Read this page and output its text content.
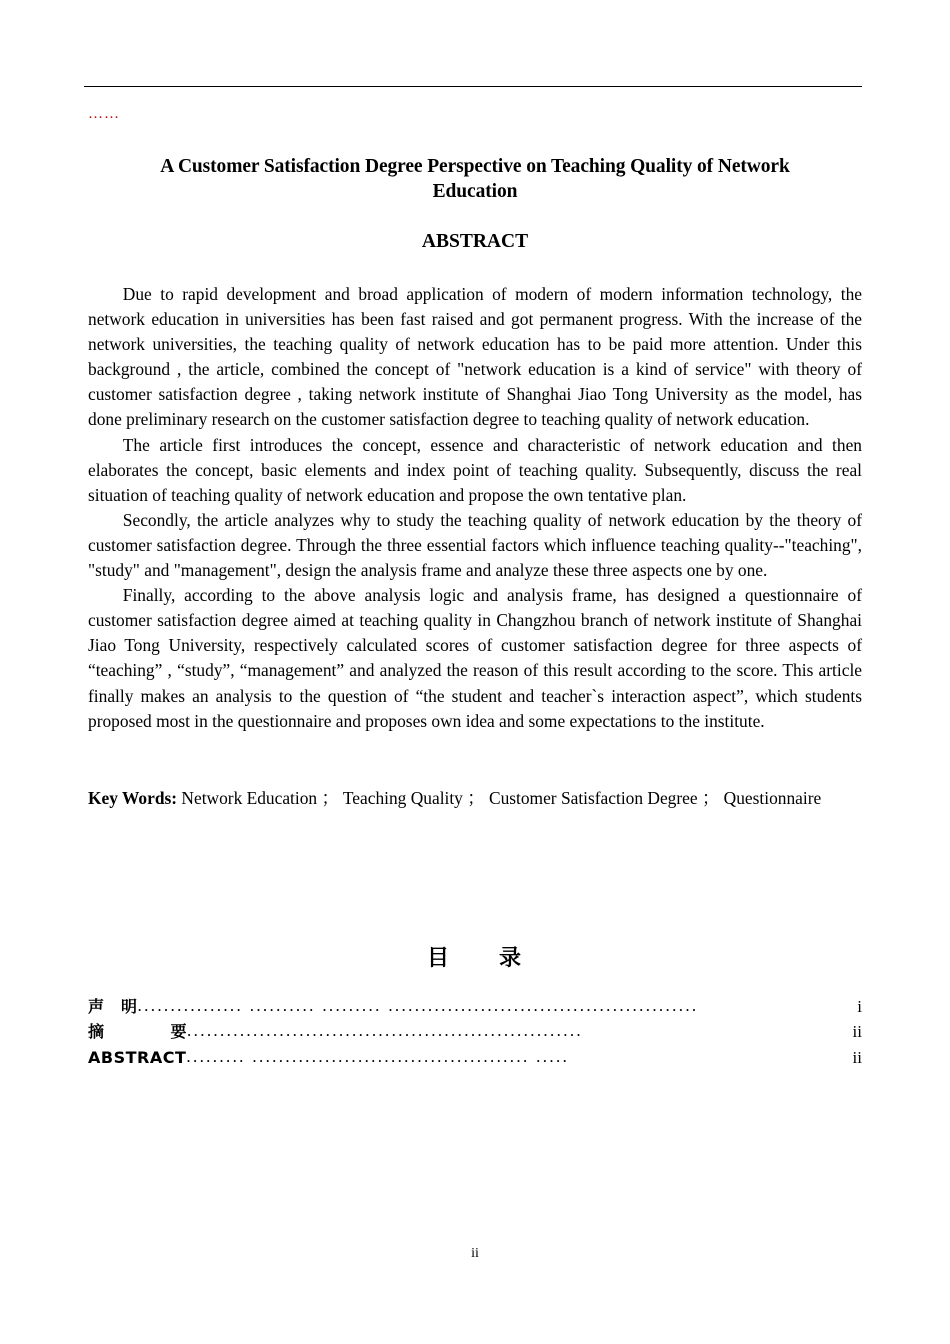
……
A Customer Satisfaction Degree Perspective on Teaching Quality of Network Education
ABSTRACT

Due to rapid development and broad application of modern of modern information technology, the network education in universities has been fast raised and got permanent progress. With the increase of the network universities, the teaching quality of network education has to be paid more attention. Under this background , the article, combined the concept of "network education is a kind of service" with theory of customer satisfaction degree , taking network institute of Shanghai Jiao Tong University as the model, has done preliminary research on the customer satisfaction degree to teaching quality of network education.

The article first introduces the concept, essence and characteristic of network education and then elaborates the concept, basic elements and index point of teaching quality. Subsequently, discuss the real situation of teaching quality of network education and propose the own tentative plan.

Secondly, the article analyzes why to study the teaching quality of network education by the theory of customer satisfaction degree. Through the three essential factors which influence teaching quality--"teaching", "study" and "management", design the analysis frame and analyze these three aspects one by one.

Finally, according to the above analysis logic and analysis frame, has designed a questionnaire of customer satisfaction degree aimed at teaching quality in Changzhou branch of network institute of Shanghai Jiao Tong University, respectively calculated scores of customer satisfaction degree for three aspects of “teaching” , “study”, “management” and analyzed the reason of this result according to the score. This article finally makes an analysis to the question of “the student and teacher`s interaction aspect”, which students proposed most in the questionnaire and proposes own idea and some expectations to the institute.

Key Words: Network Education ； Teaching Quality ； Customer Satisfaction Degree ； Questionnaire

目　　录
声　明 ................ .......... ......... ...............................................	i
摘　　　　要 ............................................................	ii
ABSTRACT ......... .......................................... .....	ii
ii
